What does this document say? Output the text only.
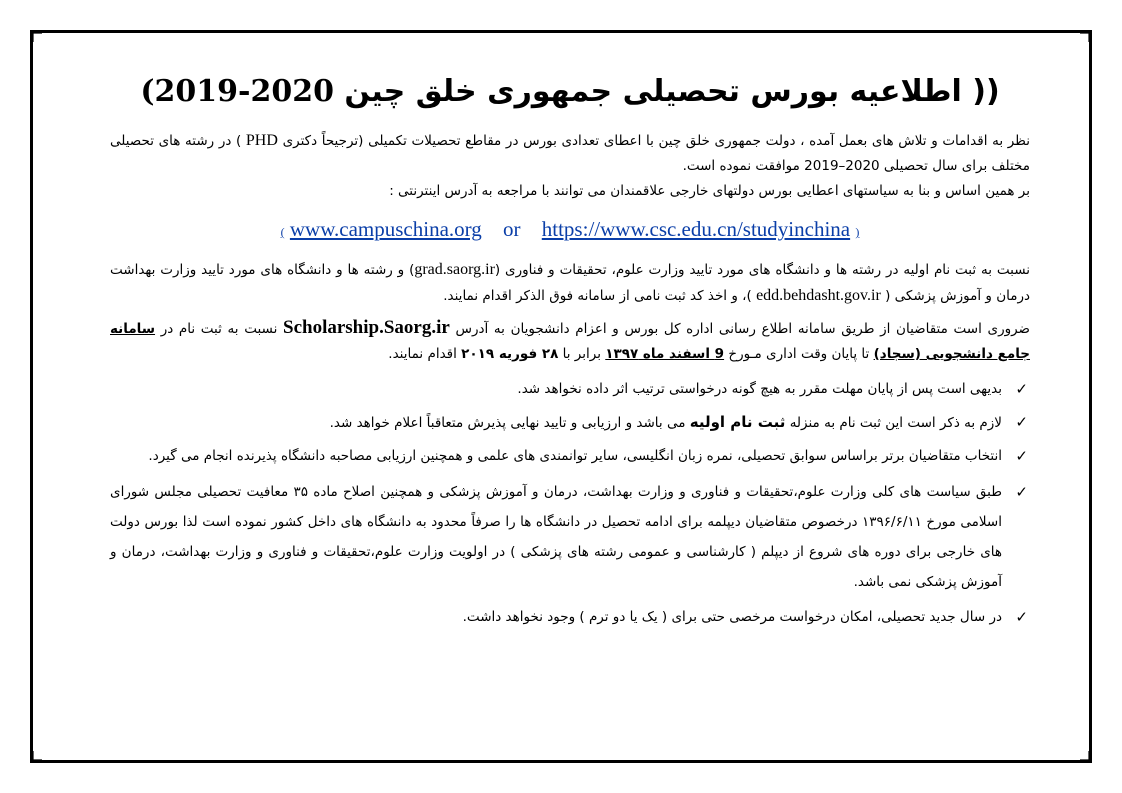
(( اطلاعیه بورس تحصیلی جمهوری خلق چین (2019-2020

نظر به اقدامات و تلاش های بعمل آمده ، دولت جمهوری خلق چین با اعطای تعدادی بورس در مقاطع تحصیلات تکمیلی (ترجیحاً دکتری PHD ) در رشته های تحصیلی مختلف برای سال تحصیلی 2020–2019 موافقت نموده است.

بر همین اساس و بنا به سیاستهای اعطایی بورس دولتهای خارجی علاقمندان می توانند با مراجعه به آدرس اینترنتی :

( www.campuschina.org or https://www.csc.edu.cn/studyinchina )

نسبت به ثبت نام اولیه در رشته ها و دانشگاه های مورد تایید وزارت علوم، تحقیقات و فناوری (grad.saorg.ir) و رشته ها و دانشگاه های مورد تایید وزارت بهداشت درمان و آموزش پزشکی ( edd.behdasht.gov.ir )، و اخذ کد ثبت نامی از سامانه فوق الذکر اقدام نمایند.

ضروری است متقاضیان از طریق سامانه اطلاع رسانی اداره کل بورس و اعزام دانشجویان به آدرس Scholarship.Saorg.ir نسبت به ثبت نام در سامانه جامع دانشجویی (سجاد) تا پایان وقت اداری مـورخ 9 اسفند ماه ۱۳۹۷ برابر با ۲۸ فوریه ۲۰۱۹ اقدام نمایند.

✓
بدیهی است پس از پایان مهلت مقرر به هیچ گونه درخواستی ترتیب اثر داده نخواهد شد.
✓
لازم به ذکر است این ثبت نام به منزله ثبت نام اولیه می باشد و ارزیابی و تایید نهایی پذیرش متعاقباً اعلام خواهد شد.
✓
انتخاب متقاضیان برتر براساس سوابق تحصیلی، نمره زبان انگلیسی، سایر توانمندی های علمی و همچنین ارزیابی مصاحبه دانشگاه پذیرنده انجام می گیرد.
✓
طبق سیاست های کلی وزارت علوم،تحقیقات و فناوری و وزارت بهداشت، درمان و آموزش پزشکی و همچنین اصلاح ماده ۳۵ معافیت تحصیلی مجلس شورای اسلامی مورخ ۱۳۹۶/۶/۱۱ درخصوص متقاضیان دیپلمه برای ادامه تحصیل در دانشگاه ها را صرفاً محدود به دانشگاه های داخل کشور نموده است لذا بورس دولت های خارجی برای دوره های شروع از دیپلم ( کارشناسی و عمومی رشته های پزشکی ) در اولویت وزارت علوم،تحقیقات و فناوری و وزارت بهداشت، درمان و آموزش پزشکی نمی باشد.
✓
در سال جدید تحصیلی، امکان درخواست مرخصی حتی برای ( یک یا دو ترم ) وجود نخواهد داشت.
